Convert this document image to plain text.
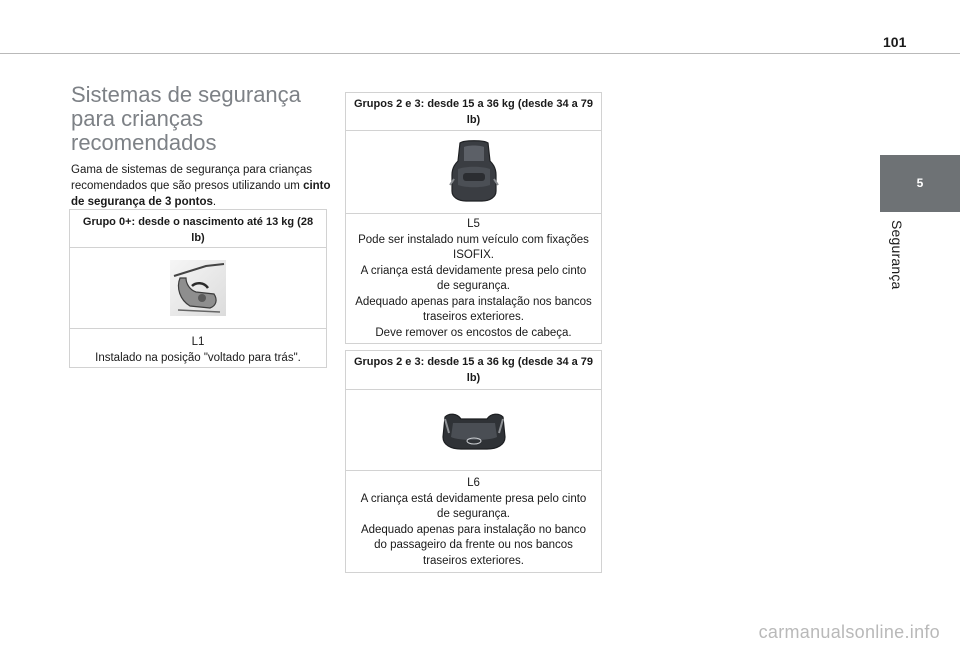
101
5
Segurança
Sistemas de segurança para crianças recomendados
Gama de sistemas de segurança para crianças recomendados que são presos utilizando um cinto de segurança de 3 pontos.
Grupo 0+: desde o nascimento até 13 kg (28 lb)
L1
Instalado na posição "voltado para trás".
Grupos 2 e 3: desde 15 a 36 kg (desde 34 a 79 lb)
L5
Pode ser instalado num veículo com fixações ISOFIX.
A criança está devidamente presa pelo cinto de segurança.
Adequado apenas para instalação nos bancos traseiros exteriores.
Deve remover os encostos de cabeça.
Grupos 2 e 3: desde 15 a 36 kg (desde 34 a 79 lb)
L6
A criança está devidamente presa pelo cinto de segurança.
Adequado apenas para instalação no banco do passageiro da frente ou nos bancos traseiros exteriores.
carmanualsonline.info
